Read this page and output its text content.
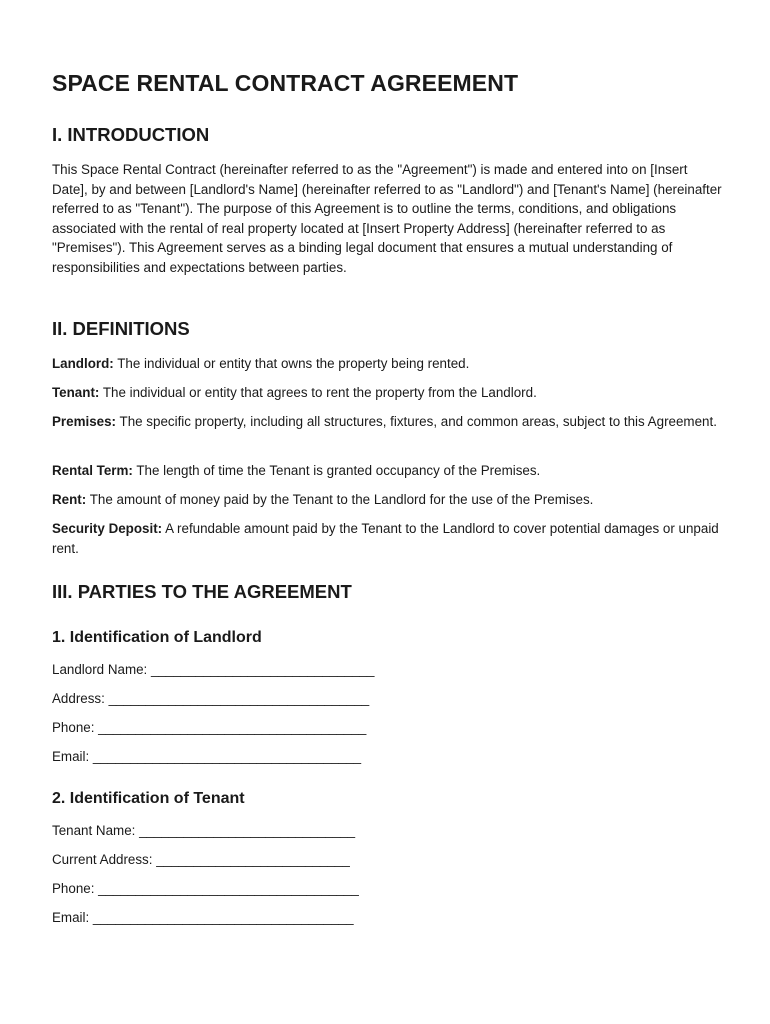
SPACE RENTAL CONTRACT AGREEMENT
I. INTRODUCTION

This Space Rental Contract (hereinafter referred to as the "Agreement") is made and entered into on [Insert Date], by and between [Landlord's Name] (hereinafter referred to as "Landlord") and [Tenant's Name] (hereinafter referred to as "Tenant"). The purpose of this Agreement is to outline the terms, conditions, and obligations associated with the rental of real property located at [Insert Property Address] (hereinafter referred to as "Premises"). This Agreement serves as a binding legal document that ensures a mutual understanding of responsibilities and expectations between parties.

II. DEFINITIONS

Landlord: The individual or entity that owns the property being rented.

Tenant: The individual or entity that agrees to rent the property from the Landlord.

Premises: The specific property, including all structures, fixtures, and common areas, subject to this Agreement.

Rental Term: The length of time the Tenant is granted occupancy of the Premises.

Rent: The amount of money paid by the Tenant to the Landlord for the use of the Premises.

Security Deposit: A refundable amount paid by the Tenant to the Landlord to cover potential damages or unpaid rent.

III. PARTIES TO THE AGREEMENT
1. Identification of Landlord

Landlord Name: ______________________________

Address: ___________________________________

Phone: ____________________________________

Email: ____________________________________

2. Identification of Tenant

Tenant Name: _____________________________

Current Address: __________________________

Phone: ___________________________________

Email: ___________________________________
